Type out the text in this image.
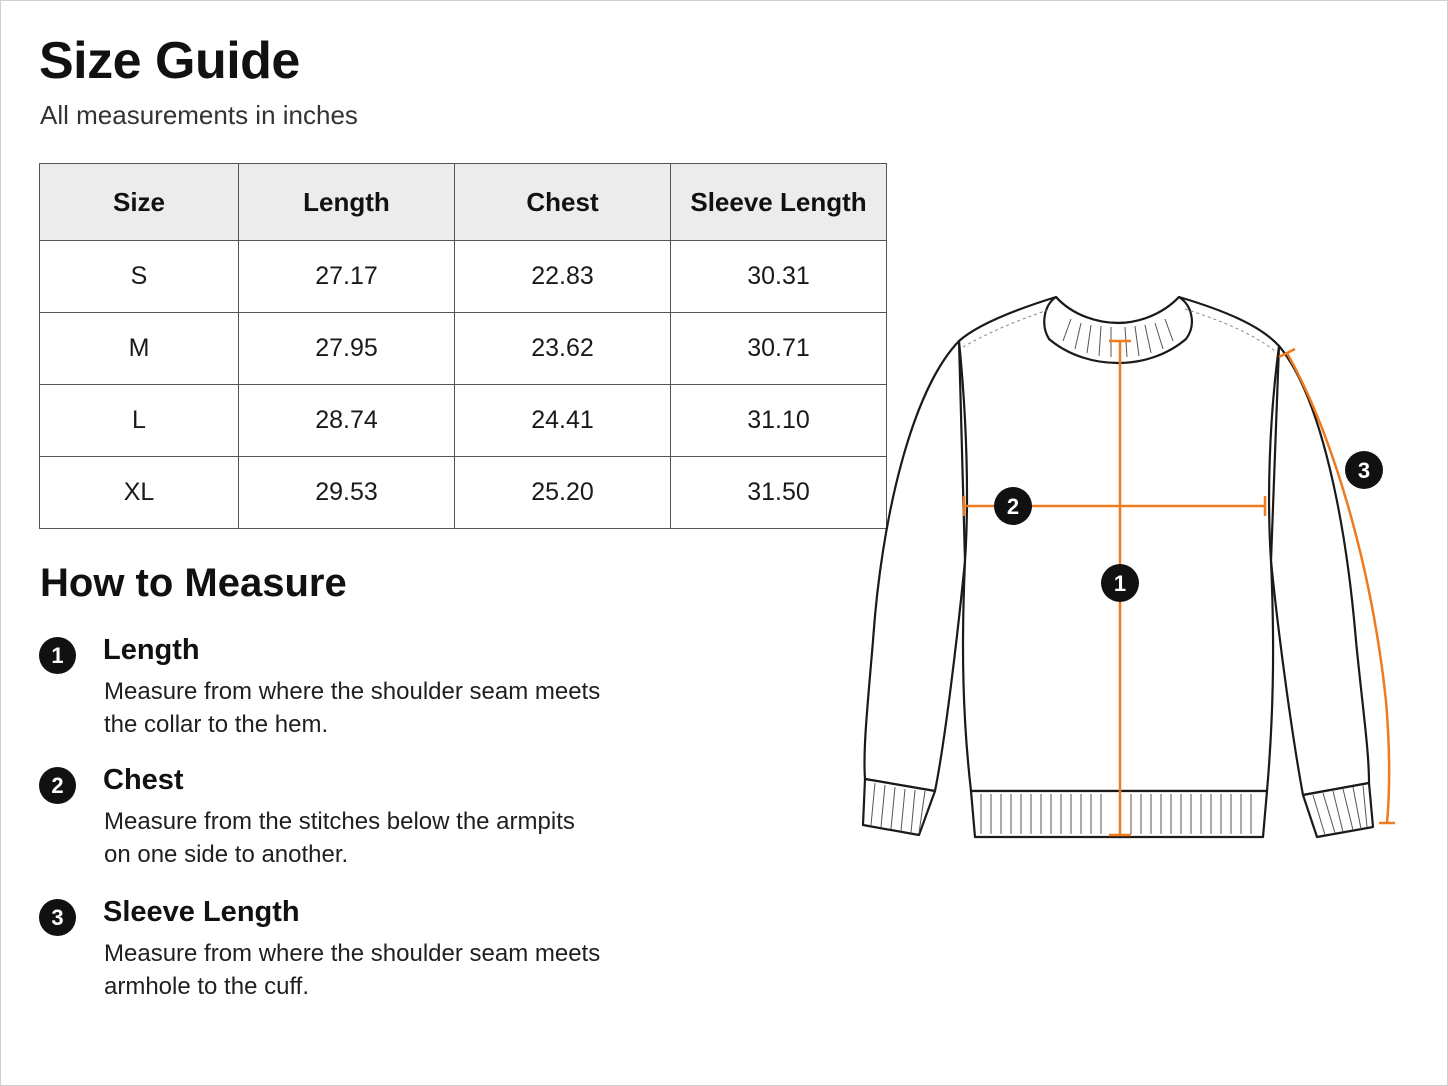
Size Guide
All measurements in inches
Size	Length	Chest	Sleeve Length
S	27.17	22.83	30.31
M	27.95	23.62	30.71
L	28.74	24.41	31.10
XL	29.53	25.20	31.50
How to Measure
1	Length
Measure from where the shoulder seam meets
the collar to the hem.
2	Chest
Measure from the stitches below the armpits
on one side to another.
3	Sleeve Length
Measure from where the shoulder seam meets
armhole to the cuff.
1
2
3
